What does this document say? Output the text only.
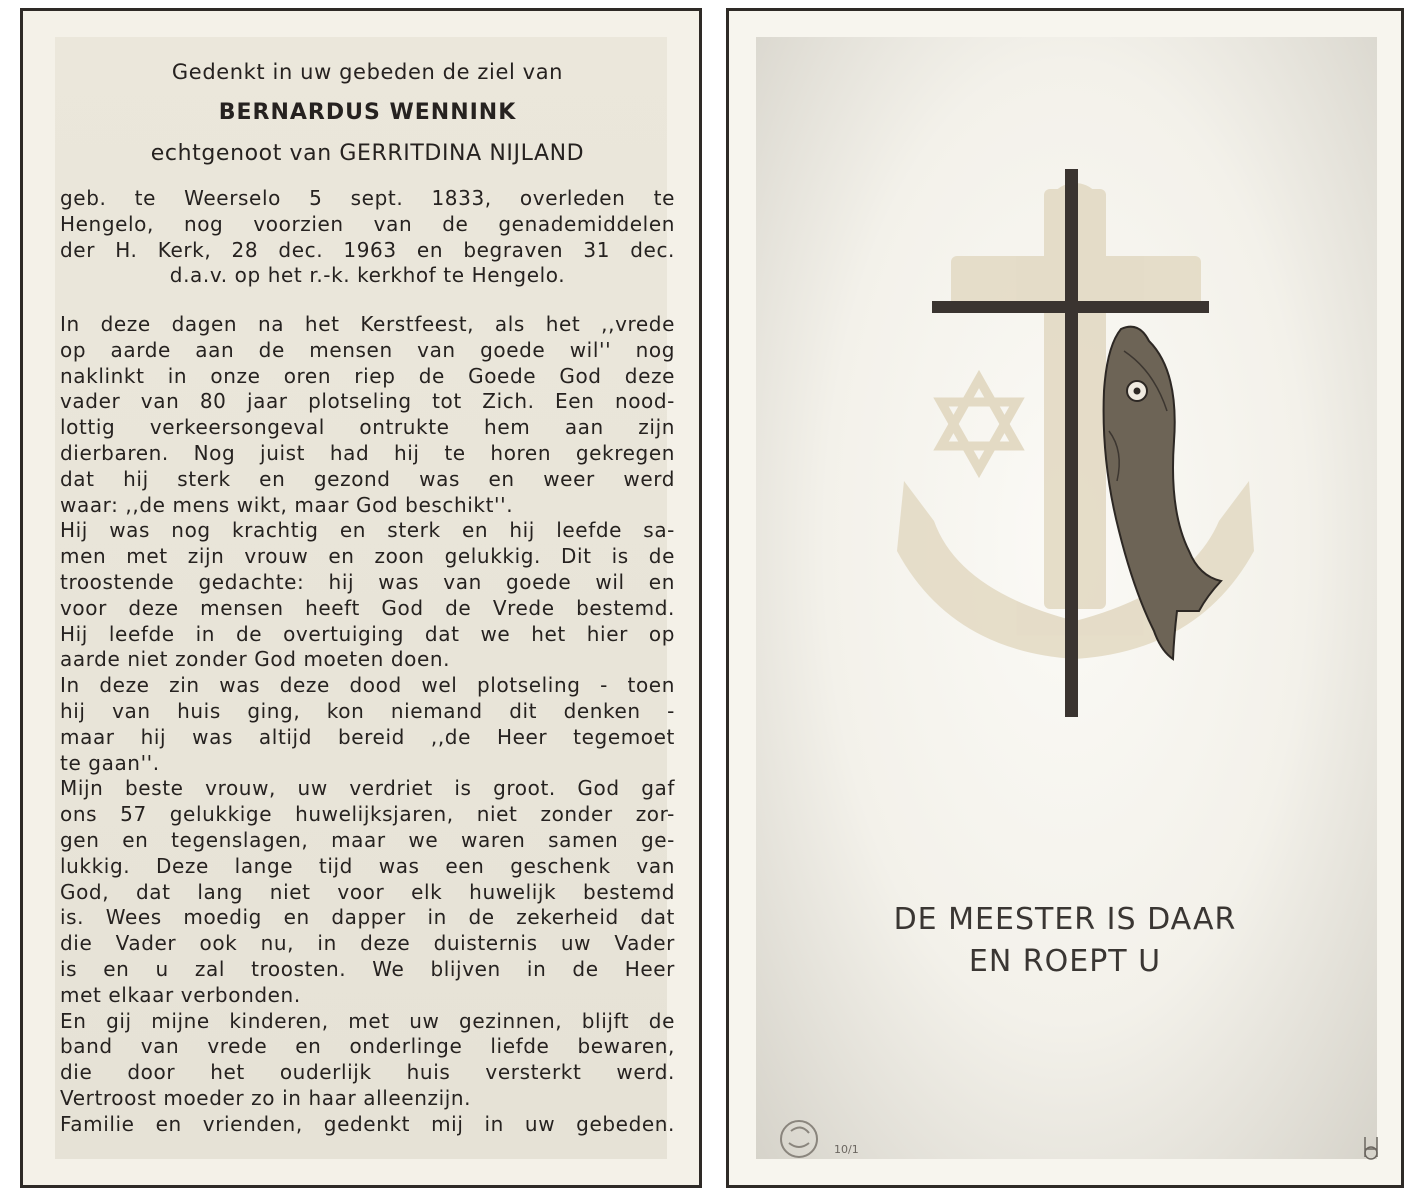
Gedenkt in uw gebeden de ziel van
BERNARDUS WENNINK
echtgenoot van GERRITDINA NIJLAND
geb. te Weerselo 5 sept. 1833, overleden te
Hengelo, nog voorzien van de genademiddelen
der H. Kerk, 28 dec. 1963 en begraven 31 dec.
d.a.v. op het r.-k. kerkhof te Hengelo.
In deze dagen na het Kerstfeest, als het ,,vrede
op aarde aan de mensen van goede wil'' nog
naklinkt in onze oren riep de Goede God deze
vader van 80 jaar plotseling tot Zich. Een nood-
lottig verkeersongeval ontrukte hem aan zijn
dierbaren. Nog juist had hij te horen gekregen
dat hij sterk en gezond was en weer werd
waar: ,,de mens wikt, maar God beschikt''.
Hij was nog krachtig en sterk en hij leefde sa-
men met zijn vrouw en zoon gelukkig. Dit is de
troostende gedachte: hij was van goede wil en
voor deze mensen heeft God de Vrede bestemd.
Hij leefde in de overtuiging dat we het hier op
aarde niet zonder God moeten doen.
In deze zin was deze dood wel plotseling - toen
hij van huis ging, kon niemand dit denken -
maar hij was altijd bereid ,,de Heer tegemoet
te gaan''.
Mijn beste vrouw, uw verdriet is groot. God gaf
ons 57 gelukkige huwelijksjaren, niet zonder zor-
gen en tegenslagen, maar we waren samen ge-
lukkig. Deze lange tijd was een geschenk van
God, dat lang niet voor elk huwelijk bestemd
is. Wees moedig en dapper in de zekerheid dat
die Vader ook nu, in deze duisternis uw Vader
is en u zal troosten. We blijven in de Heer
met elkaar verbonden.
En gij mijne kinderen, met uw gezinnen, blijft de
band van vrede en onderlinge liefde bewaren,
die door het ouderlijk huis versterkt werd.
Vertroost moeder zo in haar alleenzijn.
Familie en vrienden, gedenkt mij in uw gebeden.
10/1
DE MEESTER IS DAAR
EN ROEPT U
